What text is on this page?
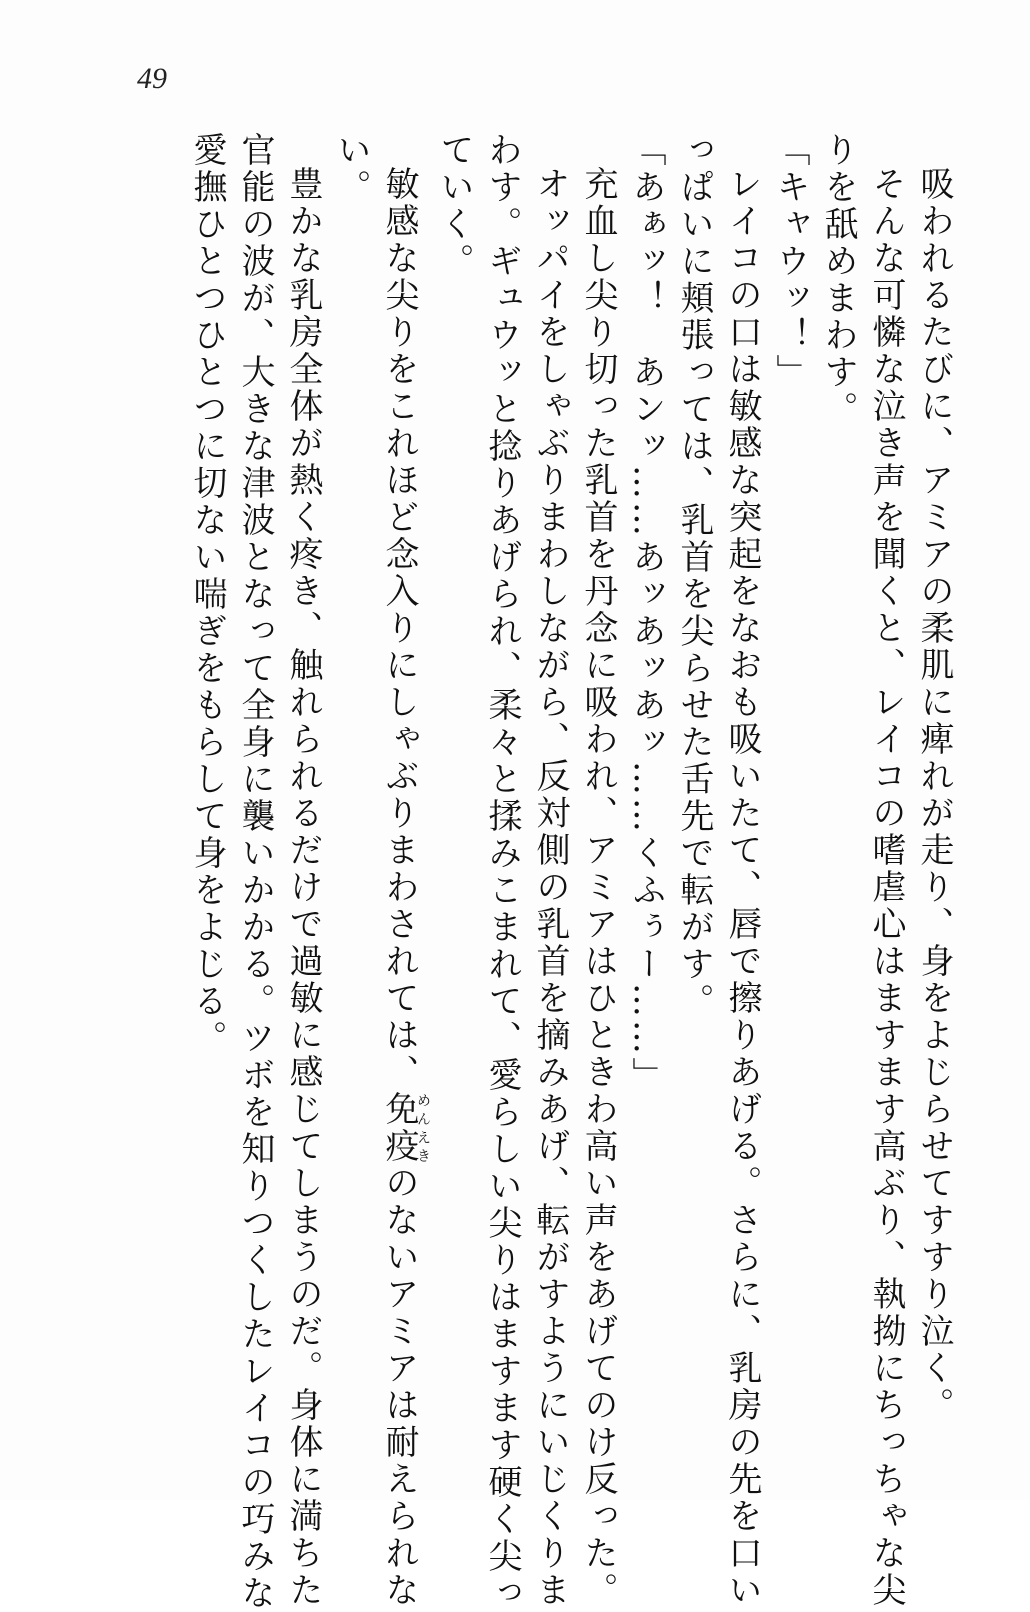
49
吸われるたびに、アミアの柔肌に痺れが走り、身をよじらせてすすり泣く。
そんな可憐な泣き声を聞くと、レイコの嗜虐心はますます高ぶり、執拗にちっちゃな尖
りを舐めまわす。
「キャウッ！」
レイコの口は敏感な突起をなおも吸いたて、唇で擦りあげる。さらに、乳房の先を口い
っぱいに頬張っては、乳首を尖らせた舌先で転がす。
「あぁッ！　あンッ……あッあッあッ……くふぅー……」
充血し尖り切った乳首を丹念に吸われ、アミアはひときわ高い声をあげてのけ反った。
オッパイをしゃぶりまわしながら、反対側の乳首を摘みあげ、転がすようにいじくりま
わす。ギュウッと捻りあげられ、柔々と揉みこまれて、愛らしい尖りはますます硬く尖っ
ていく。
敏感な尖りをこれほど念入りにしゃぶりまわされては、免疫めんえきのないアミアは耐えられな
い。
豊かな乳房全体が熱く疼き、触れられるだけで過敏に感じてしまうのだ。身体に満ちた
官能の波が、大きな津波となって全身に襲いかかる。ツボを知りつくしたレイコの巧みな
愛撫ひとつひとつに切ない喘ぎをもらして身をよじる。
